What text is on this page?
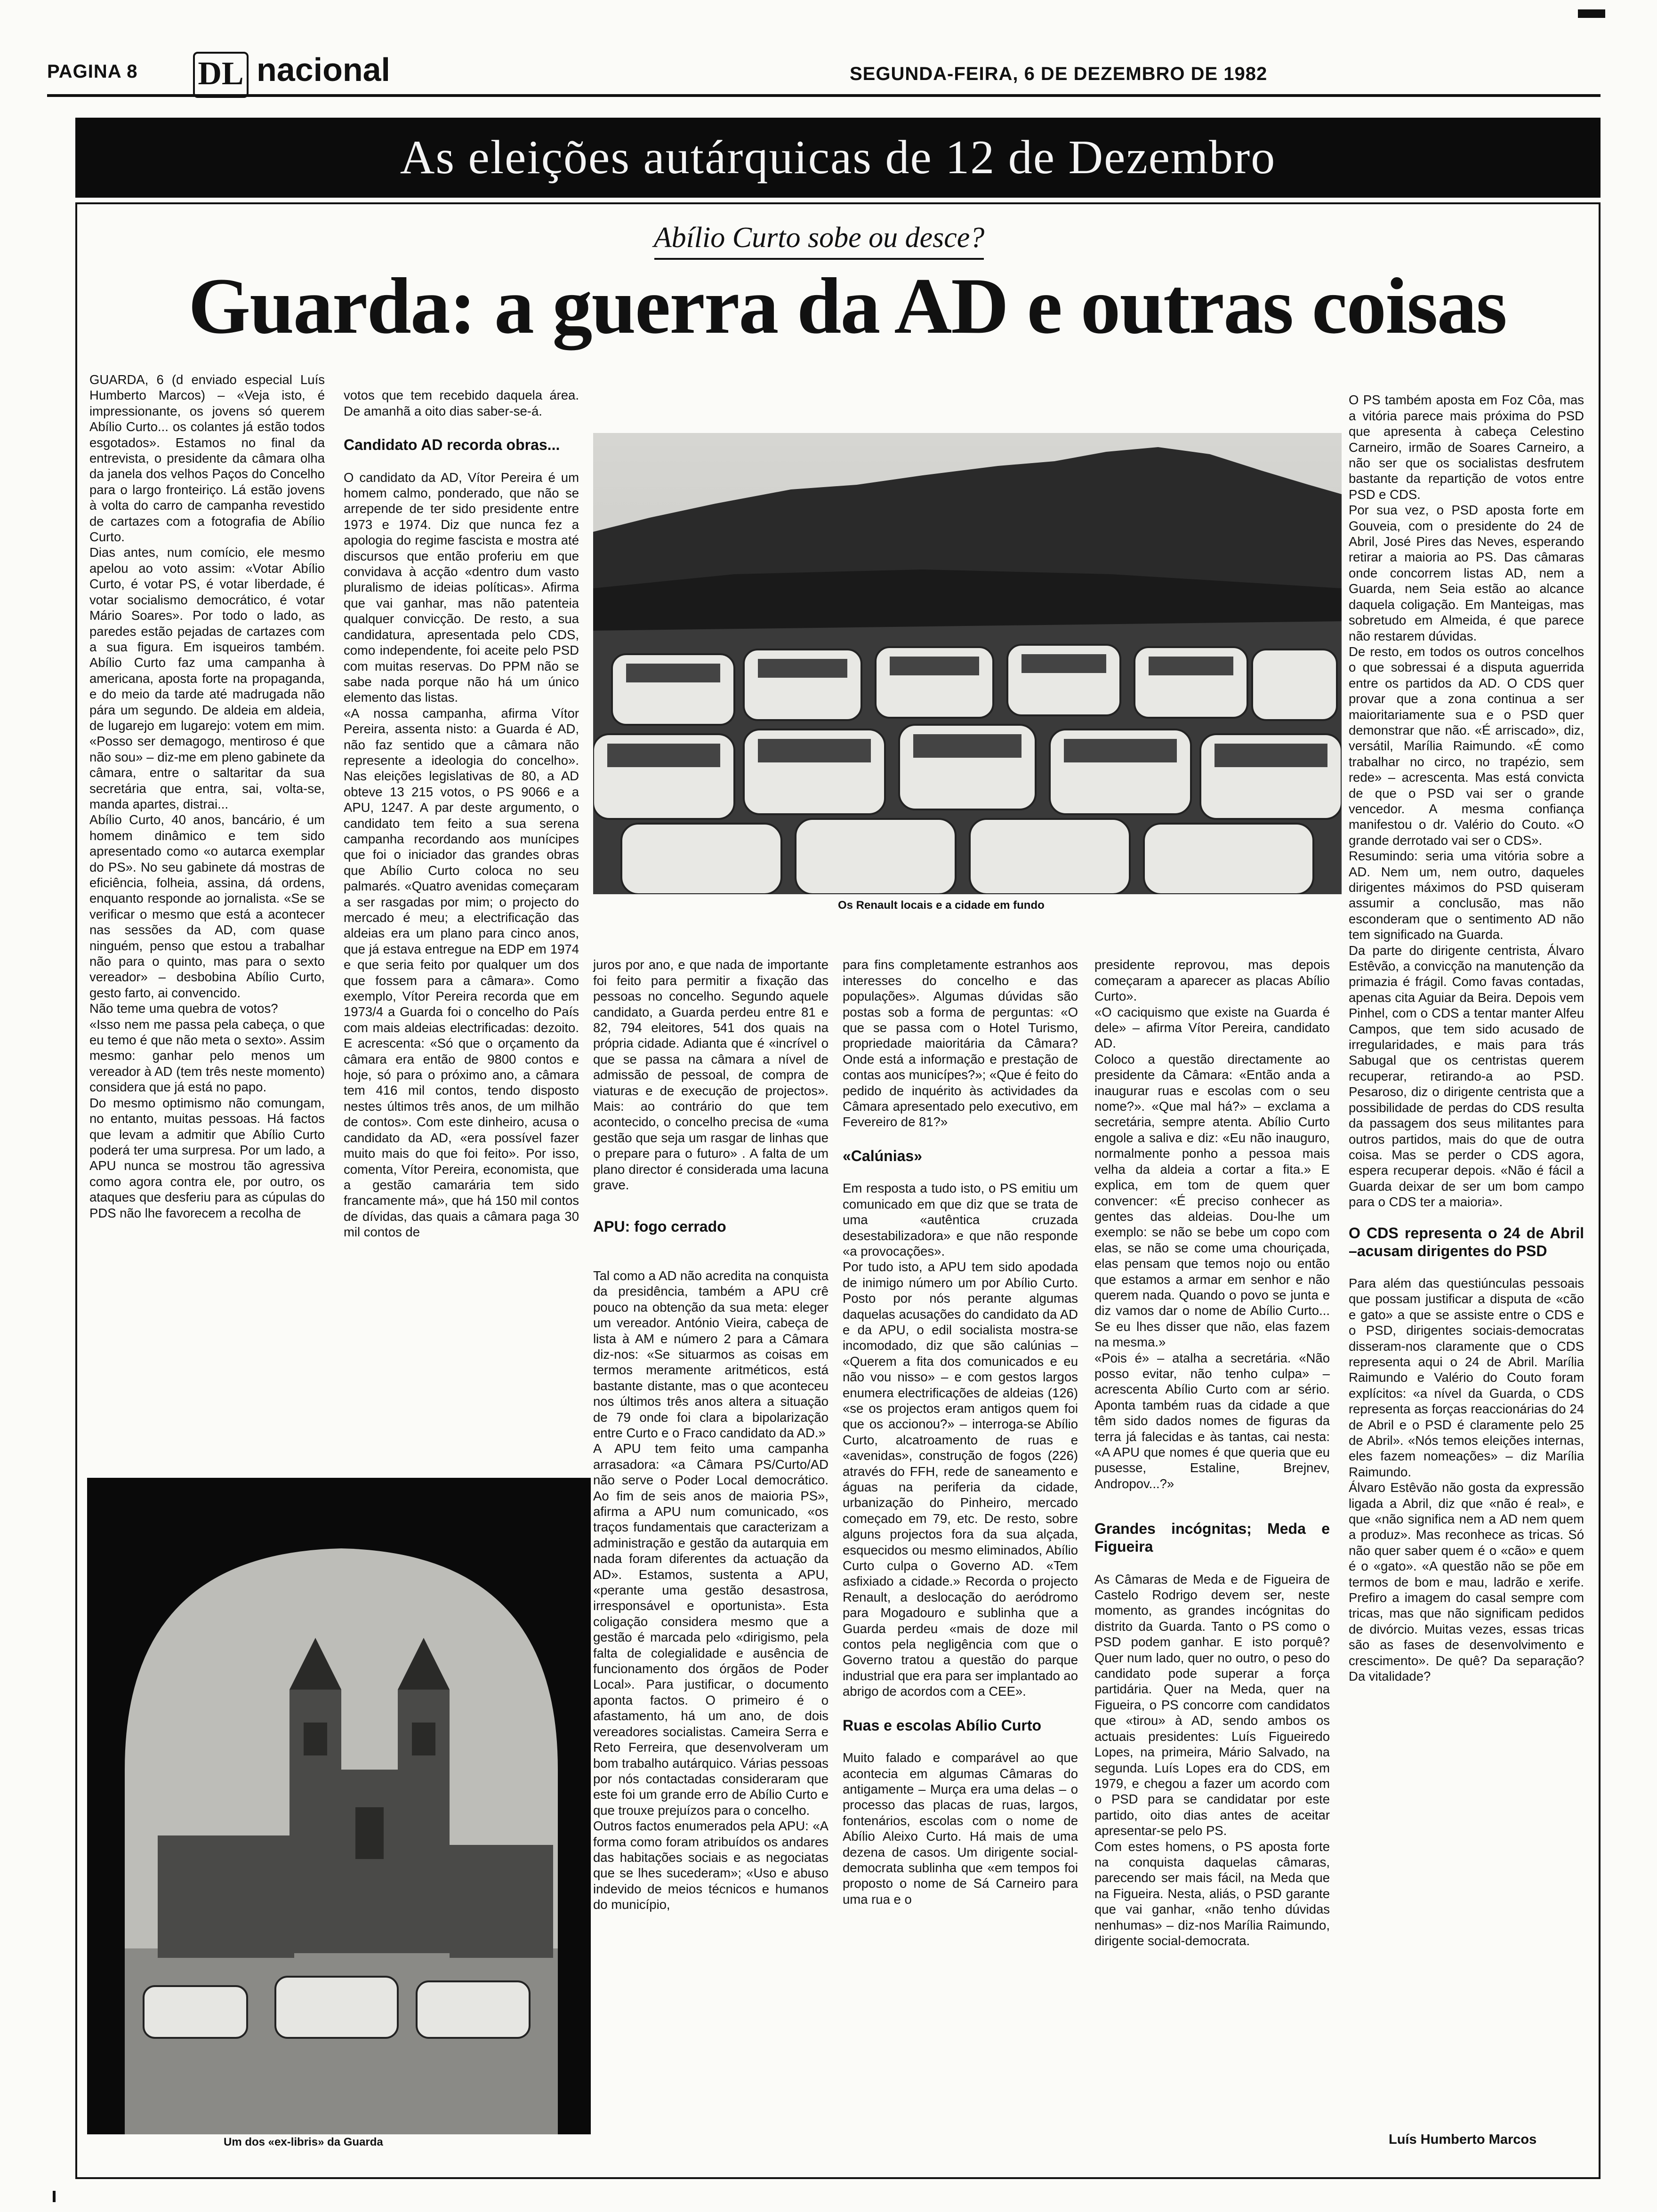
PAGINA 8 DL nacional	SEGUNDA-FEIRA, 6 DE DEZEMBRO DE 1982
As eleições autárquicas de 12 de Dezembro
Abílio Curto sobe ou desce?
Guarda: a guerra da AD e outras coisas
Os Renault locais e a cidade em fundo
Um dos «ex-libris» da Guarda
GUARDA, 6 (d enviado especial Luís Humberto Marcos) – «Veja isto, é impressionante, os jovens só querem Abílio Curto... os colantes já estão todos esgotados». Estamos no final da entrevista, o presidente da câmara olha da janela dos velhos Paços do Concelho para o largo fronteiriço. Lá estão jovens à volta do carro de campanha revestido de cartazes com a fotografia de Abílio Curto.
Dias antes, num comício, ele mesmo apelou ao voto assim: «Votar Abílio Curto, é votar PS, é votar liberdade, é votar socialismo democrático, é votar Mário Soares». Por todo o lado, as paredes estão pejadas de cartazes com a sua figura. Em isqueiros também. Abílio Curto faz uma campanha à americana, aposta forte na propaganda, e do meio da tarde até madrugada não pára um segundo. De aldeia em aldeia, de lugarejo em lugarejo: votem em mim. «Posso ser demagogo, mentiroso é que não sou» – diz-me em pleno gabinete da câmara, entre o saltaritar da sua secretária que entra, sai, volta-se, manda apartes, distrai...
Abílio Curto, 40 anos, bancário, é um homem dinâmico e tem sido apresentado como «o autarca exemplar do PS». No seu gabinete dá mostras de eficiência, folheia, assina, dá ordens, enquanto responde ao jornalista. «Se se verificar o mesmo que está a acontecer nas sessões da AD, com quase ninguém, penso que estou a trabalhar não para o quinto, mas para o sexto vereador» – desbobina Abílio Curto, gesto farto, ai convencido.
Não teme uma quebra de votos?
«Isso nem me passa pela cabeça, o que eu temo é que não meta o sexto». Assim mesmo: ganhar pelo menos um vereador à AD (tem três neste momento) considera que já está no papo.
Do mesmo optimismo não comungam, no entanto, muitas pessoas. Há factos que levam a admitir que Abílio Curto poderá ter uma surpresa. Por um lado, a APU nunca se mostrou tão agressiva como agora contra ele, por outro, os ataques que desferiu para as cúpulas do PDS não lhe favorecem a recolha de

votos que tem recebido daquela área. De amanhã a oito dias saber-se-á.

Candidato AD recorda obras...

O candidato da AD, Vítor Pereira é um homem calmo, ponderado, que não se arrepende de ter sido presidente entre 1973 e 1974. Diz que nunca fez a apologia do regime fascista e mostra até discursos que então proferiu em que convidava à acção «dentro dum vasto pluralismo de ideias políticas». Afirma que vai ganhar, mas não patenteia qualquer convicção. De resto, a sua candidatura, apresentada pelo CDS, como independente, foi aceite pelo PSD com muitas reservas. Do PPM não se sabe nada porque não há um único elemento das listas.
«A nossa campanha, afirma Vítor Pereira, assenta nisto: a Guarda é AD, não faz sentido que a câmara não represente a ideologia do concelho». Nas eleições legislativas de 80, a AD obteve 13 215 votos, o PS 9066 e a APU, 1247. A par deste argumento, o candidato tem feito a sua serena campanha recordando aos munícipes que foi o iniciador das grandes obras que Abílio Curto coloca no seu palmarés. «Quatro avenidas começaram a ser rasgadas por mim; o projecto do mercado é meu; a electrificação das aldeias era um plano para cinco anos, que já estava entregue na EDP em 1974 e que seria feito por qualquer um dos que fossem para a câmara». Como exemplo, Vítor Pereira recorda que em 1973/4 a Guarda foi o concelho do País com mais aldeias electrificadas: dezoito. E acrescenta: «Só que o orçamento da câmara era então de 9800 contos e hoje, só para o próximo ano, a câmara tem 416 mil contos, tendo disposto nestes últimos três anos, de um milhão de contos». Com este dinheiro, acusa o candidato da AD, «era possível fazer muito mais do que foi feito». Por isso, comenta, Vítor Pereira, economista, que a gestão camarária tem sido francamente má», que há 150 mil contos de dívidas, das quais a câmara paga 30 mil contos de

juros por ano, e que nada de importante foi feito para permitir a fixação das pessoas no concelho. Segundo aquele candidato, a Guarda perdeu entre 81 e 82, 794 eleitores, 541 dos quais na própria cidade. Adianta que é «incrível o que se passa na câmara a nível de admissão de pessoal, de compra de viaturas e de execução de projectos». Mais: ao contrário do que tem acontecido, o concelho precisa de «uma gestão que seja um rasgar de linhas que o prepare para o futuro» . A falta de um plano director é considerada uma lacuna grave.

APU: fogo cerrado

Tal como a AD não acredita na conquista da presidência, também a APU crê pouco na obtenção da sua meta: eleger um vereador. António Vieira, cabeça de lista à AM e número 2 para a Câmara diz-nos: «Se situarmos as coisas em termos meramente aritméticos, está bastante distante, mas o que aconteceu nos últimos três anos altera a situação de 79 onde foi clara a bipolarização entre Curto e o Fraco candidato da AD.»
A APU tem feito uma campanha arrasadora: «a Câmara PS/Curto/AD não serve o Poder Local democrático. Ao fim de seis anos de maioria PS», afirma a APU num comunicado, «os traços fundamentais que caracterizam a administração e gestão da autarquia em nada foram diferentes da actuação da AD». Estamos, sustenta a APU, «perante uma gestão desastrosa, irresponsável e oportunista». Esta coligação considera mesmo que a gestão é marcada pelo «dirigismo, pela falta de colegialidade e ausência de funcionamento dos órgãos de Poder Local». Para justificar, o documento aponta factos. O primeiro é o afastamento, há um ano, de dois vereadores socialistas. Cameira Serra e Reto Ferreira, que desenvolveram um bom trabalho autárquico. Várias pessoas por nós contactadas consideraram que este foi um grande erro de Abílio Curto e que trouxe prejuízos para o concelho.
Outros factos enumerados pela APU: «A forma como foram atribuídos os andares das habitações sociais e as negociatas que se lhes sucederam»; «Uso e abuso indevido de meios técnicos e humanos do município,

para fins completamente estranhos aos interesses do concelho e das populações». Algumas dúvidas são postas sob a forma de perguntas: «O que se passa com o Hotel Turismo, propriedade maioritária da Câmara? Onde está a informação e prestação de contas aos municípes?»; «Que é feito do pedido de inquérito às actividades da Câmara apresentado pelo executivo, em Fevereiro de 81?»

«Calúnias»

Em resposta a tudo isto, o PS emitiu um comunicado em que diz que se trata de uma «autêntica cruzada desestabilizadora» e que não responde «a provocações».
Por tudo isto, a APU tem sido apodada de inimigo número um por Abílio Curto. Posto por nós perante algumas daquelas acusações do candidato da AD e da APU, o edil socialista mostra-se incomodado, diz que são calúnias – «Querem a fita dos comunicados e eu não vou nisso» – e com gestos largos enumera electrificações de aldeias (126) «se os projectos eram antigos quem foi que os accionou?» – interroga-se Abílio Curto, alcatroamento de ruas e «avenidas», construção de fogos (226) através do FFH, rede de saneamento e águas na periferia da cidade, urbanização do Pinheiro, mercado começado em 79, etc. De resto, sobre alguns projectos fora da sua alçada, esquecidos ou mesmo eliminados, Abílio Curto culpa o Governo AD. «Tem asfixiado a cidade.» Recorda o projecto Renault, a deslocação do aeródromo para Mogadouro e sublinha que a Guarda perdeu «mais de doze mil contos pela negligência com que o Governo tratou a questão do parque industrial que era para ser implantado ao abrigo de acordos com a CEE».

Ruas e escolas Abílio Curto

Muito falado e comparável ao que acontecia em algumas Câmaras do antigamente – Murça era uma delas – o processo das placas de ruas, largos, fontenários, escolas com o nome de Abílio Aleixo Curto. Há mais de uma dezena de casos. Um dirigente social-democrata sublinha que «em tempos foi proposto o nome de Sá Carneiro para uma rua e o

presidente reprovou, mas depois começaram a aparecer as placas Abílio Curto».
«O caciquismo que existe na Guarda é dele» – afirma Vítor Pereira, candidato AD.
Coloco a questão directamente ao presidente da Câmara: «Então anda a inaugurar ruas e escolas com o seu nome?». «Que mal há?» – exclama a secretária, sempre atenta. Abílio Curto engole a saliva e diz: «Eu não inauguro, normalmente ponho a pessoa mais velha da aldeia a cortar a fita.» E explica, em tom de quem quer convencer: «É preciso conhecer as gentes das aldeias. Dou-lhe um exemplo: se não se bebe um copo com elas, se não se come uma chouriçada, elas pensam que temos nojo ou então que estamos a armar em senhor e não querem nada. Quando o povo se junta e diz vamos dar o nome de Abílio Curto... Se eu lhes disser que não, elas fazem na mesma.»
«Pois é» – atalha a secretária. «Não posso evitar, não tenho culpa» – acrescenta Abílio Curto com ar sério. Aponta também ruas da cidade a que têm sido dados nomes de figuras da terra já falecidas e às tantas, cai nesta: «A APU que nomes é que queria que eu pusesse, Estaline, Brejnev, Andropov...?»

Grandes incógnitas; Meda e Figueira

As Câmaras de Meda e de Figueira de Castelo Rodrigo devem ser, neste momento, as grandes incógnitas do distrito da Guarda. Tanto o PS como o PSD podem ganhar. E isto porquê? Quer num lado, quer no outro, o peso do candidato pode superar a força partidária. Quer na Meda, quer na Figueira, o PS concorre com candidatos que «tirou» à AD, sendo ambos os actuais presidentes: Luís Figueiredo Lopes, na primeira, Mário Salvado, na segunda. Luís Lopes era do CDS, em 1979, e chegou a fazer um acordo com o PSD para se candidatar por este partido, oito dias antes de aceitar apresentar-se pelo PS.
Com estes homens, o PS aposta forte na conquista daquelas câmaras, parecendo ser mais fácil, na Meda que na Figueira. Nesta, aliás, o PSD garante que vai ganhar, «não tenho dúvidas nenhumas» – diz-nos Marília Raimundo, dirigente social-democrata.

O PS também aposta em Foz Côa, mas a vitória parece mais próxima do PSD que apresenta à cabeça Celestino Carneiro, irmão de Soares Carneiro, a não ser que os socialistas desfrutem bastante da repartição de votos entre PSD e CDS.
Por sua vez, o PSD aposta forte em Gouveia, com o presidente do 24 de Abril, José Pires das Neves, esperando retirar a maioria ao PS. Das câmaras onde concorrem listas AD, nem a Guarda, nem Seia estão ao alcance daquela coligação. Em Manteigas, mas sobretudo em Almeida, é que parece não restarem dúvidas.
De resto, em todos os outros concelhos o que sobressai é a disputa aguerrida entre os partidos da AD. O CDS quer provar que a zona continua a ser maioritariamente sua e o PSD quer demonstrar que não. «É arriscado», diz, versátil, Marília Raimundo. «É como trabalhar no circo, no trapézio, sem rede» – acrescenta. Mas está convicta de que o PSD vai ser o grande vencedor. A mesma confiança manifestou o dr. Valério do Couto. «O grande derrotado vai ser o CDS».
Resumindo: seria uma vitória sobre a AD. Nem um, nem outro, daqueles dirigentes máximos do PSD quiseram assumir a conclusão, mas não esconderam que o sentimento AD não tem significado na Guarda.
Da parte do dirigente centrista, Álvaro Estêvão, a convicção na manutenção da primazia é frágil. Como favas contadas, apenas cita Aguiar da Beira. Depois vem Pinhel, com o CDS a tentar manter Alfeu Campos, que tem sido acusado de irregularidades, e mais para trás Sabugal que os centristas querem recuperar, retirando-a ao PSD. Pesaroso, diz o dirigente centrista que a possibilidade de perdas do CDS resulta da passagem dos seus militantes para outros partidos, mais do que de outra coisa. Mas se perder o CDS agora, espera recuperar depois. «Não é fácil a Guarda deixar de ser um bom campo para o CDS ter a maioria».

O CDS representa o 24 de Abril –acusam dirigentes do PSD

Para além das questiúnculas pessoais que possam justificar a disputa de «cão e gato» a que se assiste entre o CDS e o PSD, dirigentes sociais-democratas disseram-nos claramente que o CDS representa aqui o 24 de Abril. Marília Raimundo e Valério do Couto foram explícitos: «a nível da Guarda, o CDS representa as forças reaccionárias do 24 de Abril e o PSD é claramente pelo 25 de Abril». «Nós temos eleições internas, eles fazem nomeações» – diz Marília Raimundo.
Álvaro Estêvão não gosta da expressão ligada a Abril, diz que «não é real», e que «não significa nem a AD nem quem a produz». Mas reconhece as tricas. Só não quer saber quem é o «cão» e quem é o «gato». «A questão não se põe em termos de bom e mau, ladrão e xerife. Prefiro a imagem do casal sempre com tricas, mas que não significam pedidos de divórcio. Muitas vezes, essas tricas são as fases de desenvolvimento e crescimento». De quê? Da separação? Da vitalidade?

Luís Humberto Marcos
